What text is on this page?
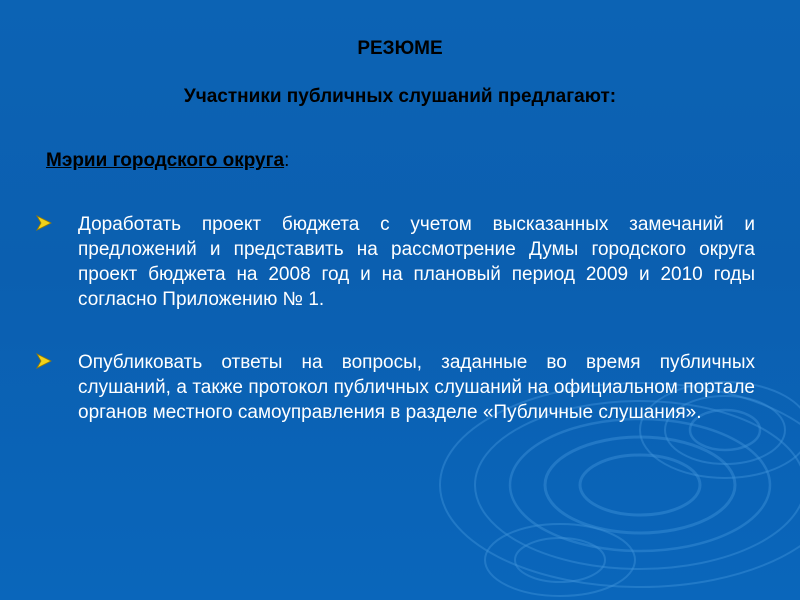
РЕЗЮМЕ
Участники публичных слушаний предлагают:
Мэрии городского округа:
Доработать проект бюджета с учетом высказанных замечаний и предложений и представить на рассмотрение Думы городского округа проект бюджета на 2008 год и на плановый период 2009 и 2010 годы согласно Приложению № 1.
Опубликовать ответы на вопросы, заданные во время публичных слушаний, а также протокол публичных слушаний на официальном портале органов местного самоуправления в разделе «Публичные слушания».
